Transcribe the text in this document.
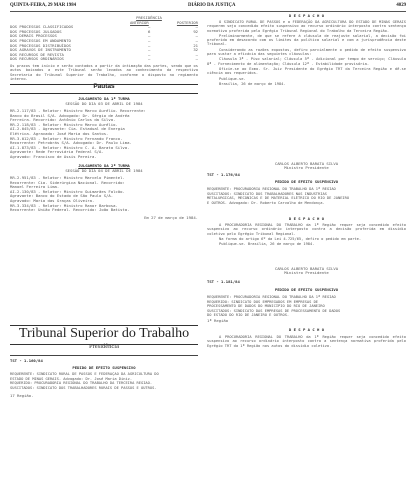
QUINTA-FEIRA, 29 MAR 1984	DIÁRIO DA JUSTIÇA	4029
PRESIDÊNCIA
ANTERIOR	POSTERIOR
DOS PROCESSOS CLASSIFICADOS	—	—
DOS PROCESSOS JULGADOS	6	92
DOS DEMAIS PROCESSOS	—	—
DOS PROCESSOS EM ANDAMENTO	—	—
DOS PROCESSOS DISTRIBUÍDOS	—	21
DOS AGRAVOS DE INSTRUMENTO	—	32
DOS RECURSOS DE REVISTA	—	—
DOS RECURSOS ORDINÁRIOS	—	—
Os prazos tem início e serão contados a partir da intimação das partes, sendo que os autos baixados a este Tribunal serão levados ao conhecimento da respectiva Secretaria do Tribunal Superior do Trabalho, conforme o disposto no regimento interno.
Pautas
JULGAMENTO DA 1ª TURMA
SESSÃO DO DIA 03 DE ABRIL DE 1984
RR-2.117/83 - Relator: Ministro Marco Aurélio. Recorrente:
Banco do Brasil S/A. Advogado: Dr. Sérgio de Andréa
Ferreira. Recorrido: Antônio Carlos da Silva.
RR-2.118/83 - Relator: Ministro Marco Aurélio.
AI-2.045/83 - Agravante: Cia. Estadual de Energia
Elétrica. Agravado: José Maria dos Santos.
RR-3.012/83 - Relator: Ministro Fernando Franco.
Recorrente: Petrobrás S/A. Advogado: Dr. Paulo Lima.
AI-1.873/83 - Relator: Ministro C. A. Barata Silva.
Agravante: Rede Ferroviária Federal S/A.
Agravado: Francisco de Assis Pereira.
JULGAMENTO DA 2ª TURMA
SESSÃO DO DIA 04 DE ABRIL DE 1984
RR-2.951/83 - Relator: Ministro Marcelo Pimentel.
Recorrente: Cia. Siderúrgica Nacional. Recorrido:
Manoel Ferreira Lima.
AI-2.130/83 - Relator: Ministro Guimarães Falcão.
Agravante: Banco do Estado de São Paulo S/A.
Agravado: Maria das Graças Oliveira.
RR-3.334/83 - Relator: Ministro Ranor Barbosa.
Recorrente: União Federal. Recorrido: João Batista.
Em 27 de março de 1984.
Tribunal Superior do Trabalho
Presidência
TST - 1.160/84
PEDIDO DE EFEITO SUSPENSIVO
REQUERENTE: SINDICATO RURAL DE PASSOS E FEDERAÇÃO DA AGRICULTURA DO
ESTADO DE MINAS GERAIS. Advogado: Dr. José Maria Diniz.
REQUERIDO: PROCURADORIA REGIONAL DO TRABALHO DA TERCEIRA REGIÃO.
SUSCITADOS: SINDICATO DOS TRABALHADORES RURAIS DE PASSOS E OUTROS.
17 Região.
D E S P A C H O
O SINDICATO RURAL DE PASSOS e a FEDERAÇÃO DA AGRICULTURA DO ESTADO DE MINAS GERAIS requerem seja concedido efeito suspensivo ao recurso ordinário interposto contra sentença normativa proferida pelo Egrégio Tribunal Regional do Trabalho da Terceira Região.
Preliminarmente, de que se refere à cláusula de reajuste salarial, a decisão foi proferida em desacordo com os limites da política salarial e com a jurisprudência deste Tribunal.
Considerando as razões expostas, defiro parcialmente o pedido de efeito suspensivo para sustar a eficácia das seguintes cláusulas:
Cláusula 3ª - Piso salarial; Cláusula 5ª - Adicional por tempo de serviço; Cláusula 8ª - Fornecimento de alimentação; Cláusula 12ª - Estabilidade provisória.
Oficie-se ao Exmo. Sr. Juiz Presidente do Egrégio TRT da Terceira Região e dê-se ciência aos requeridos.
Publique-se.
Brasília, 26 de março de 1984.
CARLOS ALBERTO BARATA SILVA
Ministro Presidente
TST - 1.176/84
PEDIDO DE EFEITO SUSPENSIVO
REQUERENTE: PROCURADORIA REGIONAL DO TRABALHO DA 1ª REGIÃO
SUSCITADOS: SINDICATO DOS TRABALHADORES NAS INDÚSTRIAS
METALÚRGICAS, MECÂNICAS E DE MATERIAL ELÉTRICO DO RIO DE JANEIRO
E OUTROS. Advogado: Dr. Roberto Carvalho de Mendonça.
D E S P A C H O
A PROCURADORIA REGIONAL DO TRABALHO da 1ª Região requer seja concedido efeito suspensivo ao recurso ordinário interposto contra a decisão proferida em dissídio coletivo pelo Egrégio Tribunal Regional.
Na forma do artigo 6º da Lei 4.725/65, defiro o pedido em parte.
Publique-se. Brasília, 26 de março de 1984.
CARLOS ALBERTO BARATA SILVA
Ministro Presidente
TST - 1.181/84
PEDIDO DE EFEITO SUSPENSIVO
REQUERENTE: PROCURADORIA REGIONAL DO TRABALHO DA 1ª REGIÃO
REQUERIDO: SINDICATO DOS EMPREGADOS EM EMPRESAS DE
PROCESSAMENTO DE DADOS DO MUNICÍPIO DO RIO DE JANEIRO
SUSCITADOS: SINDICATO DAS EMPRESAS DE PROCESSAMENTO DE DADOS
DO ESTADO DO RIO DE JANEIRO E OUTROS.
1ª Região
D E S P A C H O
A PROCURADORIA REGIONAL DO TRABALHO da 1ª Região requer seja concedido efeito suspensivo ao recurso ordinário interposto contra a sentença normativa proferida pelo Egrégio TRT da 1ª Região nos autos do dissídio coletivo.
